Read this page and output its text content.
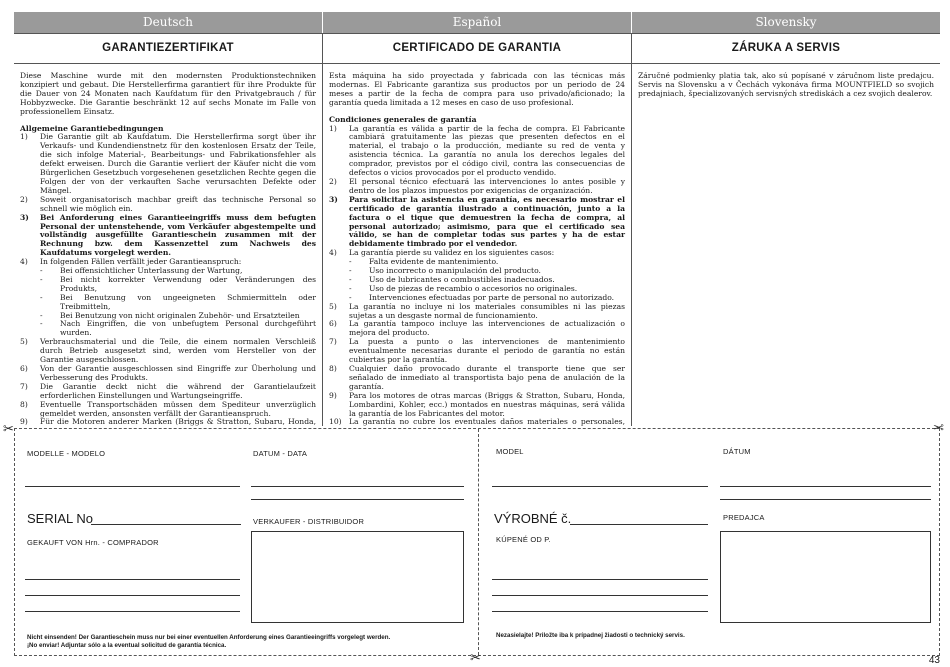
Deutsch	Español	Slovensky
GARANTIEZERTIFIKAT	CERTIFICADO DE GARANTIA	ZÁRUKA A SERVIS

Diese Maschine wurde mit den modernsten Produktionstechniken konzipiert und gebaut. Die Herstellerfirma garantiert für ihre Produkte für die Dauer von 24 Monaten nach Kaufdatum für den Privatgebrauch / für Hobbyzwecke. Die Garantie beschränkt 12 auf sechs Monate im Falle von professionellem Einsatz.

Allgemeine Garantiebedingungen
1) Die Garantie gilt ab Kaufdatum. Die Herstellerfirma sorgt über ihr Verkaufs- und Kundendienstnetz für den kostenlosen Ersatz der Teile, die sich infolge Material-, Bearbeitungs- und Fabrikationsfehler als defekt erweisen. Durch die Garantie verliert der Käufer nicht die vom Bürgerlichen Gesetzbuch vorgesehenen gesetzlichen Rechte gegen die Folgen der von der verkauften Sache verursachten Defekte oder Mängel.
2) Soweit organisatorisch machbar greift das technische Personal so schnell wie möglich ein.
3) Bei Anforderung eines Garantieeingriffs muss dem befugten Personal der untenstehende, vom Verkäufer abgestempelte und vollständig ausgefüllte Garantieschein zusammen mit der Rechnung bzw. dem Kassenzettel zum Nachweis des Kaufdatums vorgelegt werden.
4) In folgenden Fällen verfällt jeder Garantieanspruch:
- Bei offensichtlicher Unterlassung der Wartung,
- Bei nicht korrekter Verwendung oder Veränderungen des Produkts,
- Bei Benutzung von ungeeigneten Schmiermitteln oder Treibmitteln,
- Bei Benutzung von nicht originalen Zubehör- und Ersatzteilen
- Nach Eingriffen, die von unbefugtem Personal durchgeführt wurden.
5) Verbrauchsmaterial und die Teile, die einem normalen Verschleiß durch Betrieb ausgesetzt sind, werden vom Hersteller von der Garantie ausgeschlossen.
6) Von der Garantie ausgeschlossen sind Eingriffe zur Überholung und Verbesserung des Produkts.
7) Die Garantie deckt nicht die während der Garantielaufzeit erforderlichen Einstellungen und Wartungseingriffe.
8) Eventuelle Transportschäden müssen dem Spediteur unverzüglich gemeldet werden, ansonsten verfällt der Garantieanspruch.
9) Für die Motoren anderer Marken (Briggs & Stratton, Subaru, Honda,

Esta máquina ha sido proyectada y fabricada con las técnicas más modernas. El Fabricante garantiza sus productos por un periodo de 24 meses a partir de la fecha de compra para uso privado/aficionado; la garantía queda limitada a 12 meses en caso de uso profesional.

Condiciones generales de garantía
1) La garantía es válida a partir de la fecha de compra. El Fabricante cambiará gratuitamente las piezas que presenten defectos en el material, el trabajo o la producción, mediante su red de venta y asistencia técnica. La garantía no anula los derechos legales del comprador, previstos por el código civil, contra las consecuencias de defectos o vicios provocados por el producto vendido.
2) El personal técnico efectuará las intervenciones lo antes posible y dentro de los plazos impuestos por exigencias de organización.
3) Para solicitar la asistencia en garantía, es necesario mostrar el certificado de garantía ilustrado a continuación, junto a la factura o el tique que demuestren la fecha de compra, al personal autorizado; asimismo, para que el certificado sea válido, se han de completar todas sus partes y ha de estar debidamente timbrado por el vendedor.
4) La garantía pierde su validez en los siguientes casos:
- Falta evidente de mantenimiento.
- Uso incorrecto o manipulación del producto.
- Uso de lubricantes o combustibles inadecuados.
- Uso de piezas de recambio o accesorios no originales.
- Intervenciones efectuadas por parte de personal no autorizado.
5) La garantía no incluye ni los materiales consumibles ni las piezas sujetas a un desgaste normal de funcionamiento.
6) La garantía tampoco incluye las intervenciones de actualización o mejora del producto.
7) La puesta a punto o las intervenciones de mantenimiento eventualmente necesarias durante el periodo de garantía no están cubiertas por la garantía.
8) Cualquier daño provocado durante el transporte tiene que ser señalado de inmediato al transportista bajo pena de anulación de la garantía.
9) Para los motores de otras marcas (Briggs & Stratton, Subaru, Honda, Lombardini, Kohler, ecc.) montados en nuestras máquinas, será válida la garantía de los Fabricantes del motor.
10) La garantía no cubre los eventuales daños materiales o personales,

Záručné podmienky platia tak, ako sú popísané v záručnom liste predajcu. Servis na Slovensku a v Čechách vykonáva firma MOUNTFIELD so svojich predajniach, špecializovaných servisných strediskách a cez svojich dealerov.

MODELLE - MODELO	DATUM - DATA
SERIAL No	VERKAUFER - DISTRIBUIDOR
GEKAUFT VON Hrn. - COMPRADOR
Nicht einsenden! Der Garantieschein muss nur bei einer eventuellen Anforderung eines Garantieeingriffs vorgelegt werden.
¡No enviar! Adjuntar sólo a la eventual solicitud de garantía técnica.
MODEL	DÁTUM
VÝROBNÉ č.	PREDAJCA
KÚPENÉ OD P.
Nezasielajte! Priložte iba k prípadnej žiadosti o technický servis.
✂
✂
✂
43
